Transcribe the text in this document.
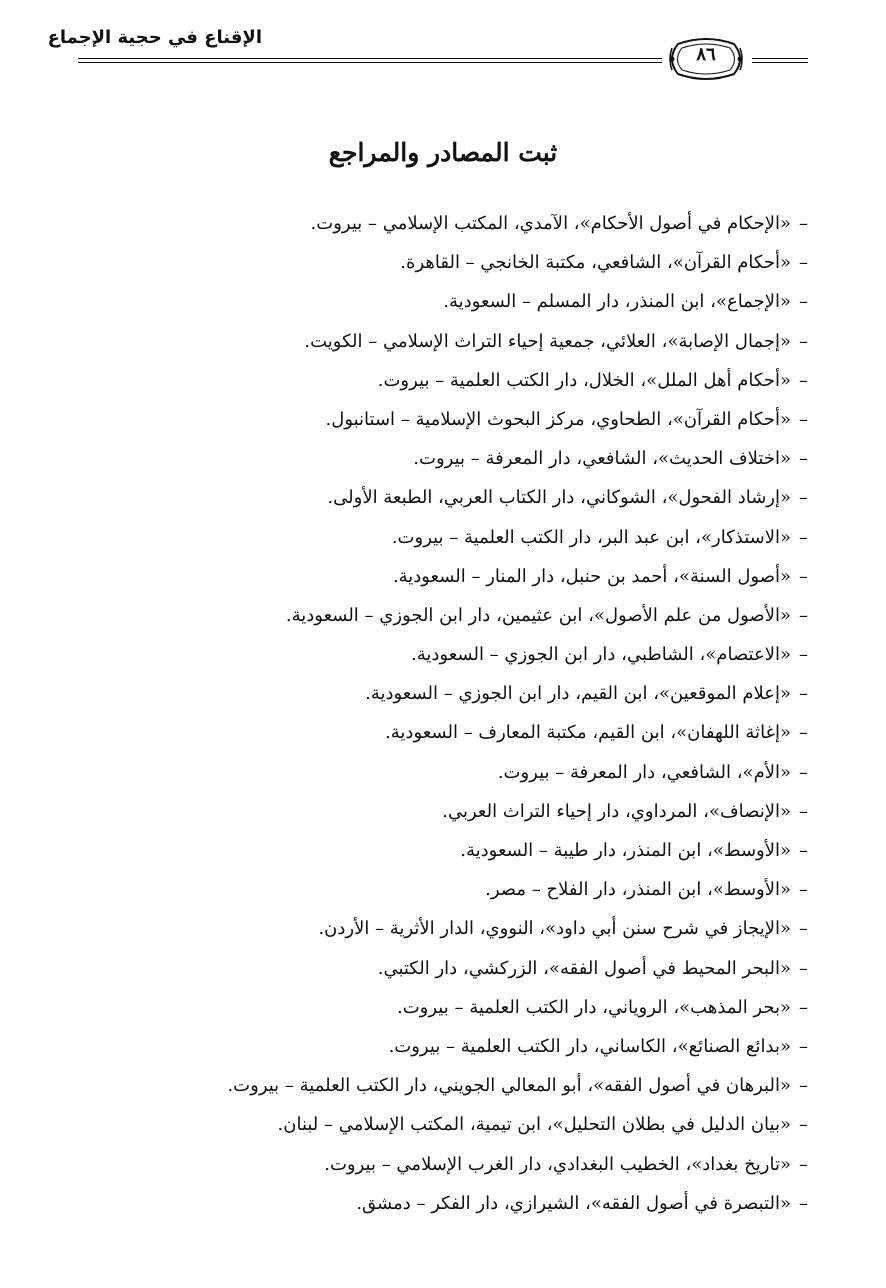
الإقناع في حجية الإجماع
٨٦
ثبت المصادر والمراجع
–«الإحكام في أصول الأحكام»، الآمدي، المكتب الإسلامي – بيروت.
–«أحكام القرآن»، الشافعي، مكتبة الخانجي – القاهرة.
–«الإجماع»، ابن المنذر، دار المسلم – السعودية.
–«إجمال الإصابة»، العلائي، جمعية إحياء التراث الإسلامي – الكويت.
–«أحكام أهل الملل»، الخلال، دار الكتب العلمية – بيروت.
–«أحكام القرآن»، الطحاوي، مركز البحوث الإسلامية – استانبول.
–«اختلاف الحديث»، الشافعي، دار المعرفة – بيروت.
–«إرشاد الفحول»، الشوكاني، دار الكتاب العربي، الطبعة الأولى.
–«الاستذكار»، ابن عبد البر، دار الكتب العلمية – بيروت.
–«أصول السنة»، أحمد بن حنبل، دار المنار – السعودية.
–«الأصول من علم الأصول»، ابن عثيمين، دار ابن الجوزي – السعودية.
–«الاعتصام»، الشاطبي، دار ابن الجوزي – السعودية.
–«إعلام الموقعين»، ابن القيم، دار ابن الجوزي – السعودية.
–«إغاثة اللهفان»، ابن القيم، مكتبة المعارف – السعودية.
–«الأم»، الشافعي، دار المعرفة – بيروت.
–«الإنصاف»، المرداوي، دار إحياء التراث العربي.
–«الأوسط»، ابن المنذر، دار طيبة – السعودية.
–«الأوسط»، ابن المنذر، دار الفلاح – مصر.
–«الإيجاز في شرح سنن أبي داود»، النووي، الدار الأثرية – الأردن.
–«البحر المحيط في أصول الفقه»، الزركشي، دار الكتبي.
–«بحر المذهب»، الروياني، دار الكتب العلمية – بيروت.
–«بدائع الصنائع»، الكاساني، دار الكتب العلمية – بيروت.
–«البرهان في أصول الفقه»، أبو المعالي الجويني، دار الكتب العلمية – بيروت.
–«بيان الدليل في بطلان التحليل»، ابن تيمية، المكتب الإسلامي – لبنان.
–«تاريخ بغداد»، الخطيب البغدادي، دار الغرب الإسلامي – بيروت.
–«التبصرة في أصول الفقه»، الشيرازي، دار الفكر – دمشق.
